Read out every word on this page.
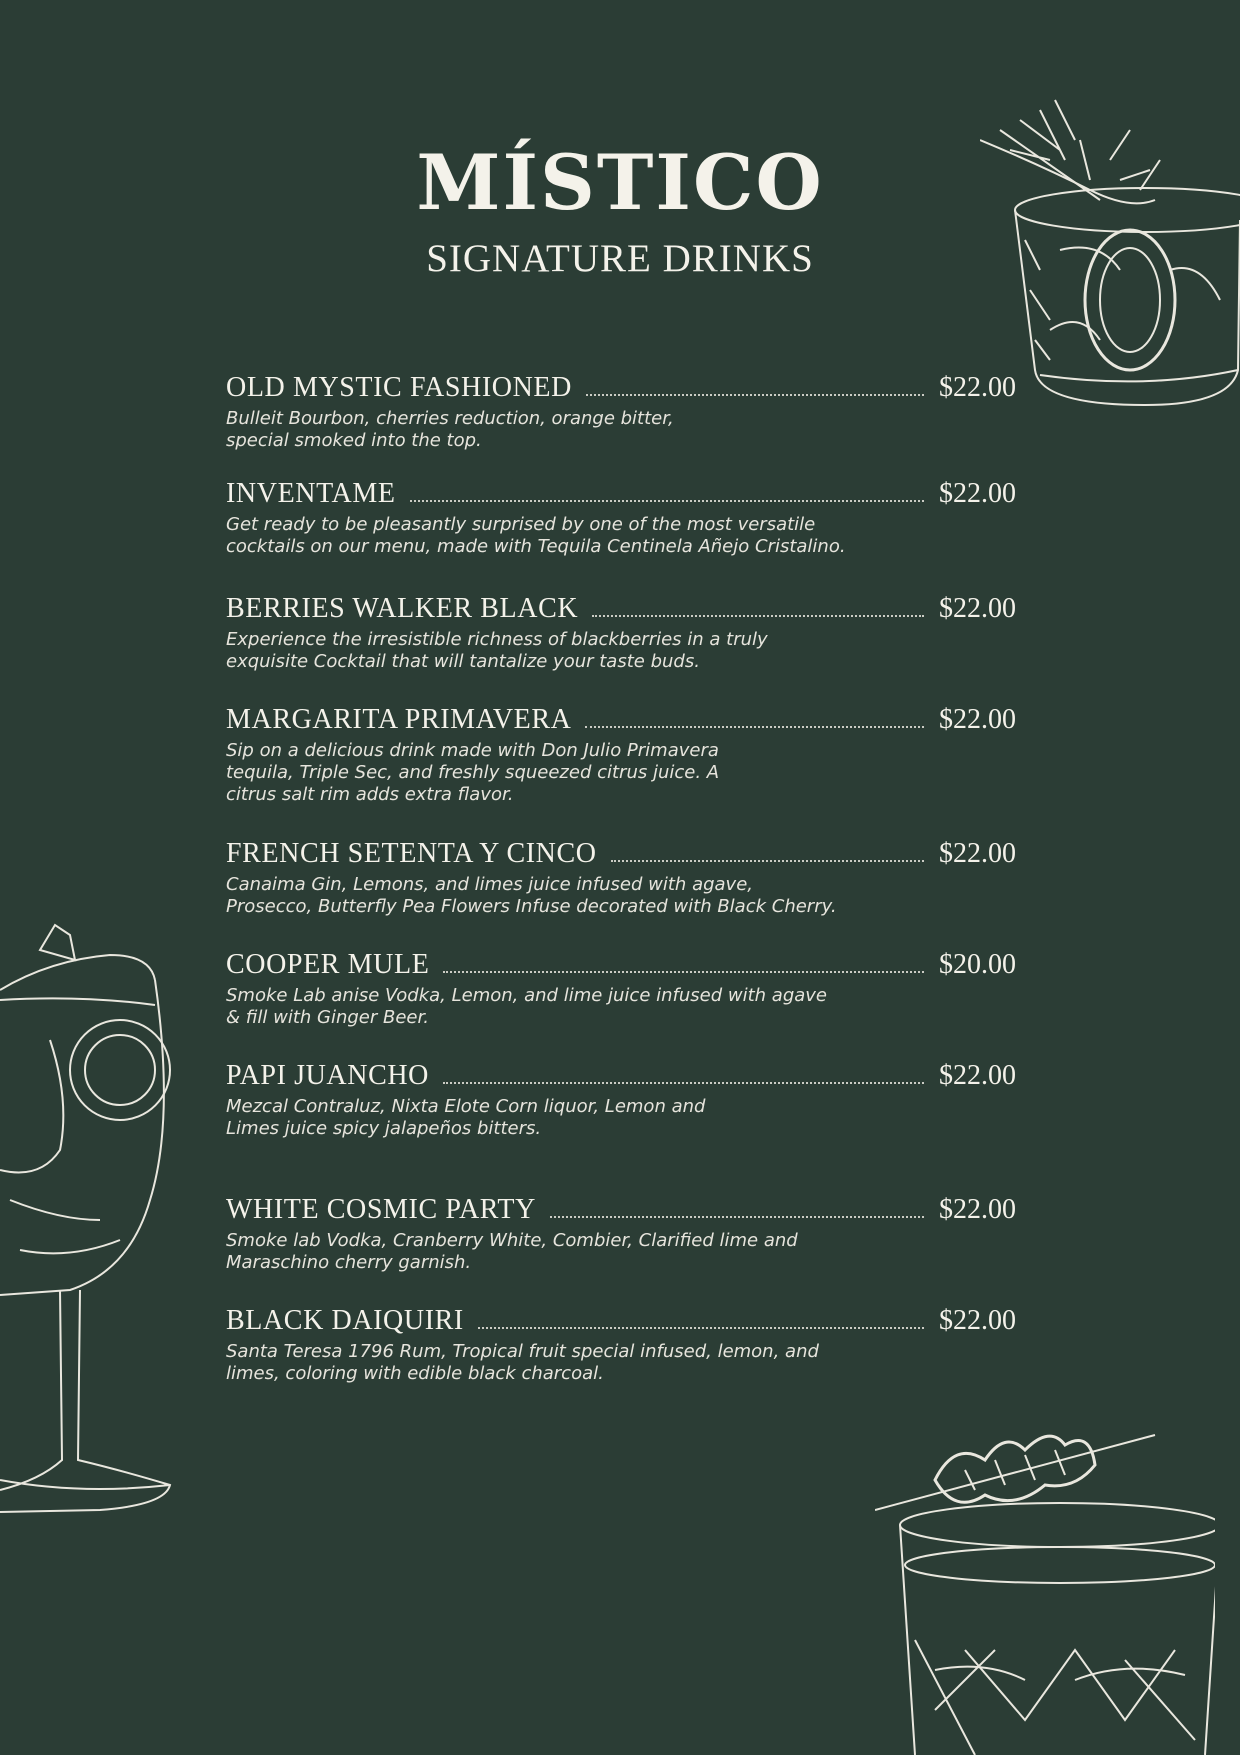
MÍSTICO
SIGNATURE DRINKS
OLD MYSTIC FASHIONED	$22.00
Bulleit Bourbon, cherries reduction, orange bitter,
special smoked into the top.
INVENTAME	$22.00
Get ready to be pleasantly surprised by one of the most versatile
cocktails on our menu, made with Tequila Centinela Añejo Cristalino.
BERRIES WALKER BLACK	$22.00
Experience the irresistible richness of blackberries in a truly
exquisite Cocktail that will tantalize your taste buds.
MARGARITA PRIMAVERA	$22.00
Sip on a delicious drink made with Don Julio Primavera
tequila, Triple Sec, and freshly squeezed citrus juice. A
citrus salt rim adds extra flavor.
FRENCH SETENTA Y CINCO	$22.00
Canaima Gin, Lemons, and limes juice infused with agave,
Prosecco, Butterfly Pea Flowers Infuse decorated with Black Cherry.
COOPER MULE	$20.00
Smoke Lab anise Vodka, Lemon, and lime juice infused with agave
& fill with Ginger Beer.
PAPI JUANCHO	$22.00
Mezcal Contraluz, Nixta Elote Corn liquor, Lemon and
Limes juice spicy jalapeños bitters.
WHITE COSMIC PARTY	$22.00
Smoke lab Vodka, Cranberry White, Combier, Clarified lime and
Maraschino cherry garnish.
BLACK DAIQUIRI	$22.00
Santa Teresa 1796 Rum, Tropical fruit special infused, lemon, and
limes, coloring with edible black charcoal.
